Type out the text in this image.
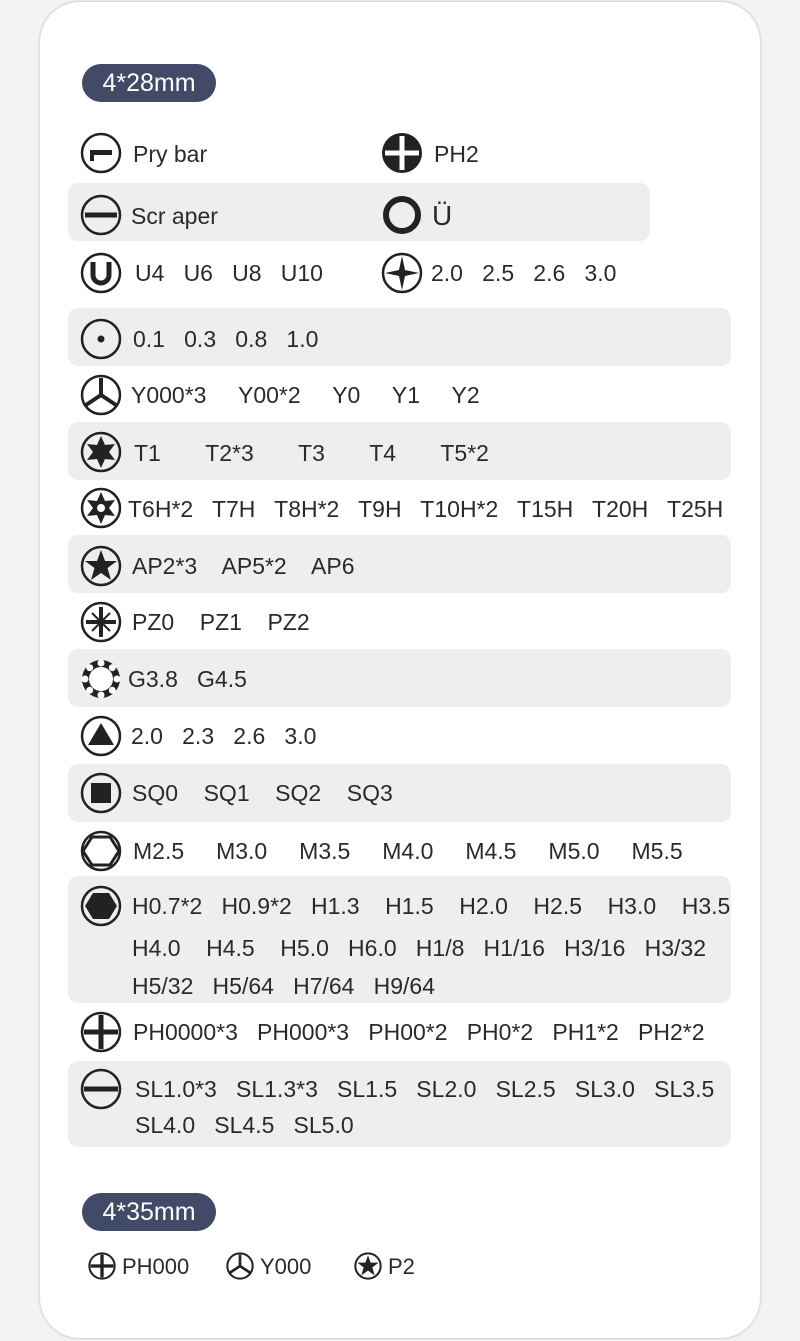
4*28mm
Pry bar	PH2
Scr aper	Ü
U4   U6   U8   U10	2.0   2.5   2.6   3.0
0.1   0.3   0.8   1.0
Y000*3     Y00*2     Y0     Y1     Y2
T1       T2*3       T3       T4       T5*2
T6H*2   T7H   T8H*2   T9H   T10H*2   T15H   T20H   T25H
AP2*3    AP5*2    AP6
PZ0    PZ1    PZ2
G3.8   G4.5
2.0   2.3   2.6   3.0
SQ0    SQ1    SQ2    SQ3
M2.5     M3.0     M3.5     M4.0     M4.5     M5.0     M5.5
H0.7*2   H0.9*2   H1.3    H1.5    H2.0    H2.5    H3.0    H3.5
H4.0    H4.5    H5.0   H6.0   H1/8   H1/16   H3/16   H3/32
H5/32   H5/64   H7/64   H9/64
PH0000*3   PH000*3   PH00*2   PH0*2   PH1*2   PH2*2
SL1.0*3   SL1.3*3   SL1.5   SL2.0   SL2.5   SL3.0   SL3.5
SL4.0   SL4.5   SL5.0
4*35mm
PH000	Y000	P2
